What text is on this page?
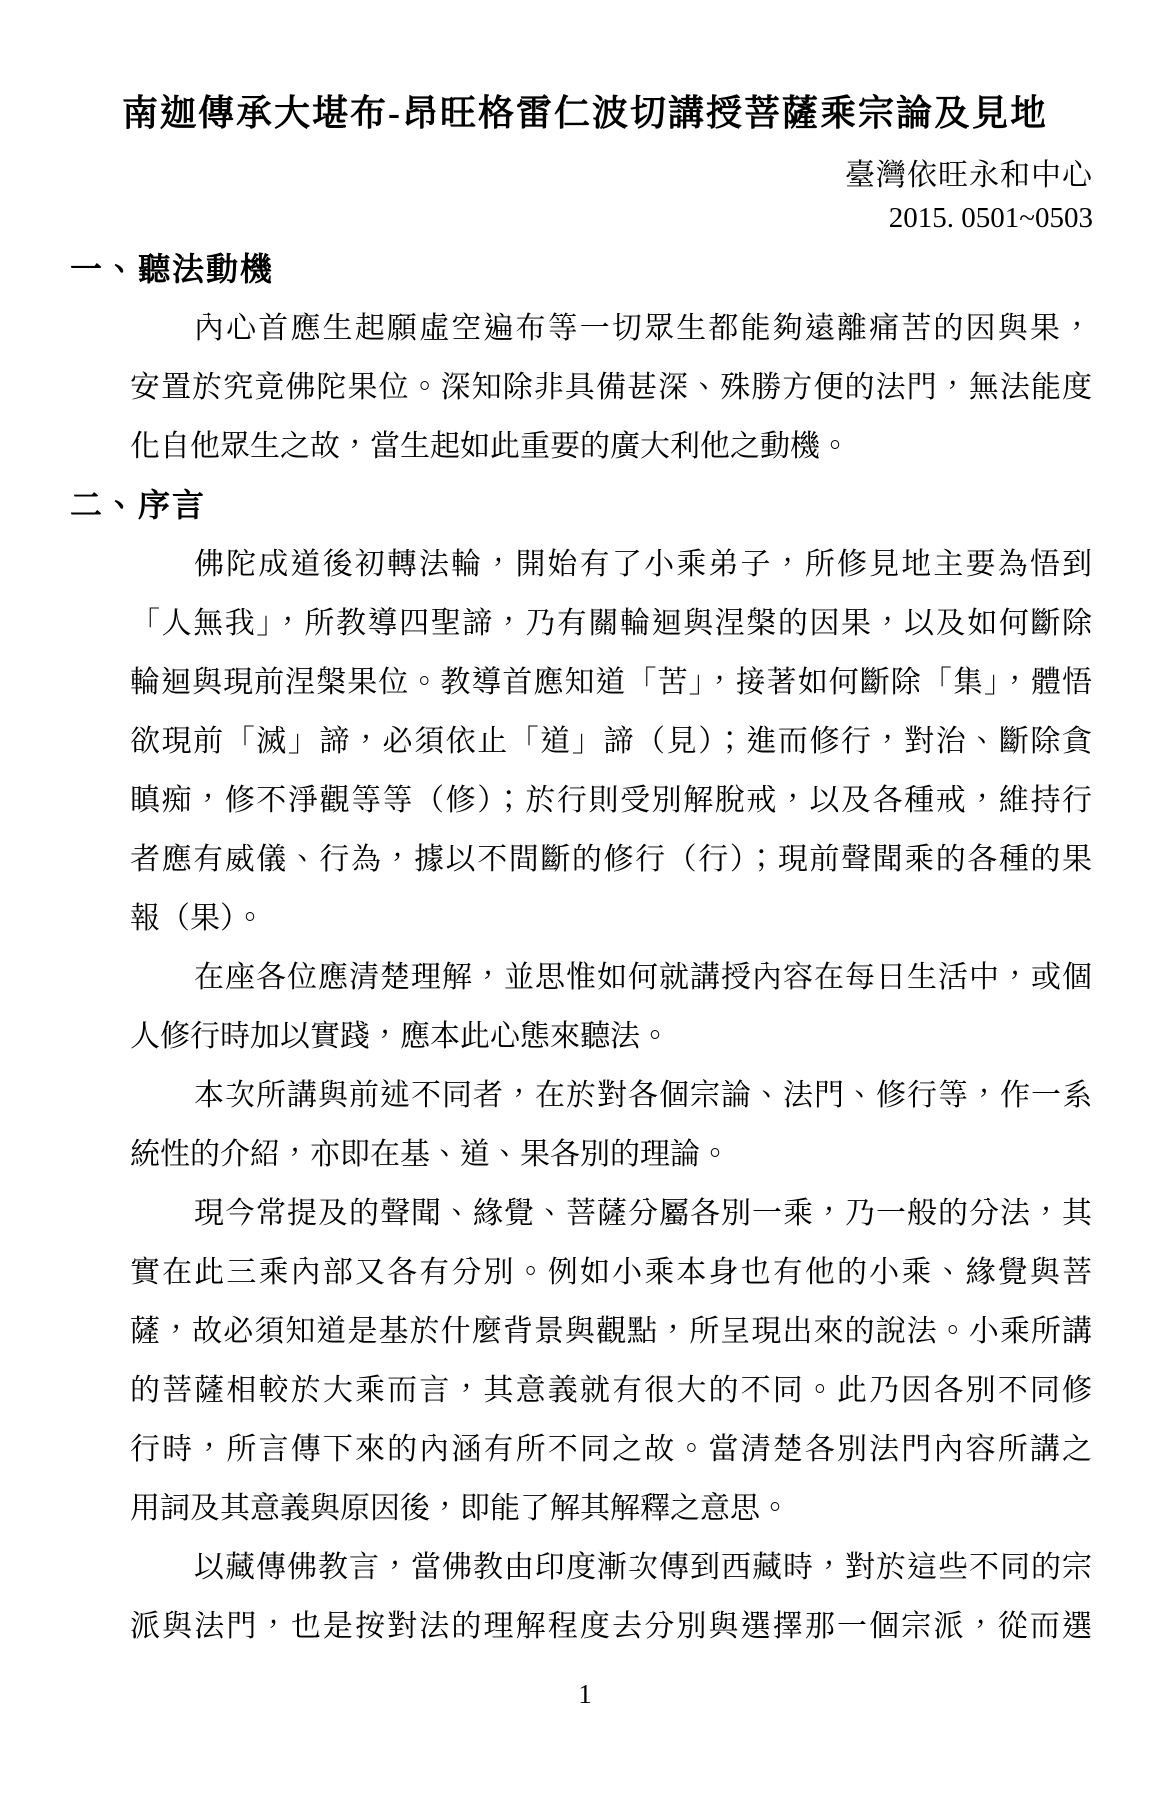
南迦傳承大堪布-昂旺格雷仁波切講授菩薩乘宗論及見地
臺灣依旺永和中心
2015. 0501~0503
一、聽法動機
內心首應生起願虛空遍布等一切眾生都能夠遠離痛苦的因與果，
安置於究竟佛陀果位。深知除非具備甚深、殊勝方便的法門，無法能度
化自他眾生之故，當生起如此重要的廣大利他之動機。
二、序言
佛陀成道後初轉法輪，開始有了小乘弟子，所修見地主要為悟到
「人無我」，所教導四聖諦，乃有關輪迴與涅槃的因果，以及如何斷除
輪迴與現前涅槃果位。教導首應知道「苦」，接著如何斷除「集」，體悟
欲現前「滅」諦，必須依止「道」諦（見）；進而修行，對治、斷除貪
瞋痴，修不淨觀等等（修）；於行則受別解脫戒，以及各種戒，維持行
者應有威儀、行為，據以不間斷的修行（行）；現前聲聞乘的各種的果
報（果）。
在座各位應清楚理解，並思惟如何就講授內容在每日生活中，或個
人修行時加以實踐，應本此心態來聽法。
本次所講與前述不同者，在於對各個宗論、法門、修行等，作一系
統性的介紹，亦即在基、道、果各別的理論。
現今常提及的聲聞、緣覺、菩薩分屬各別一乘，乃一般的分法，其
實在此三乘內部又各有分別。例如小乘本身也有他的小乘、緣覺與菩
薩，故必須知道是基於什麼背景與觀點，所呈現出來的說法。小乘所講
的菩薩相較於大乘而言，其意義就有很大的不同。此乃因各別不同修
行時，所言傳下來的內涵有所不同之故。當清楚各別法門內容所講之
用詞及其意義與原因後，即能了解其解釋之意思。
以藏傳佛教言，當佛教由印度漸次傳到西藏時，對於這些不同的宗
派與法門，也是按對法的理解程度去分別與選擇那一個宗派，從而選
1
